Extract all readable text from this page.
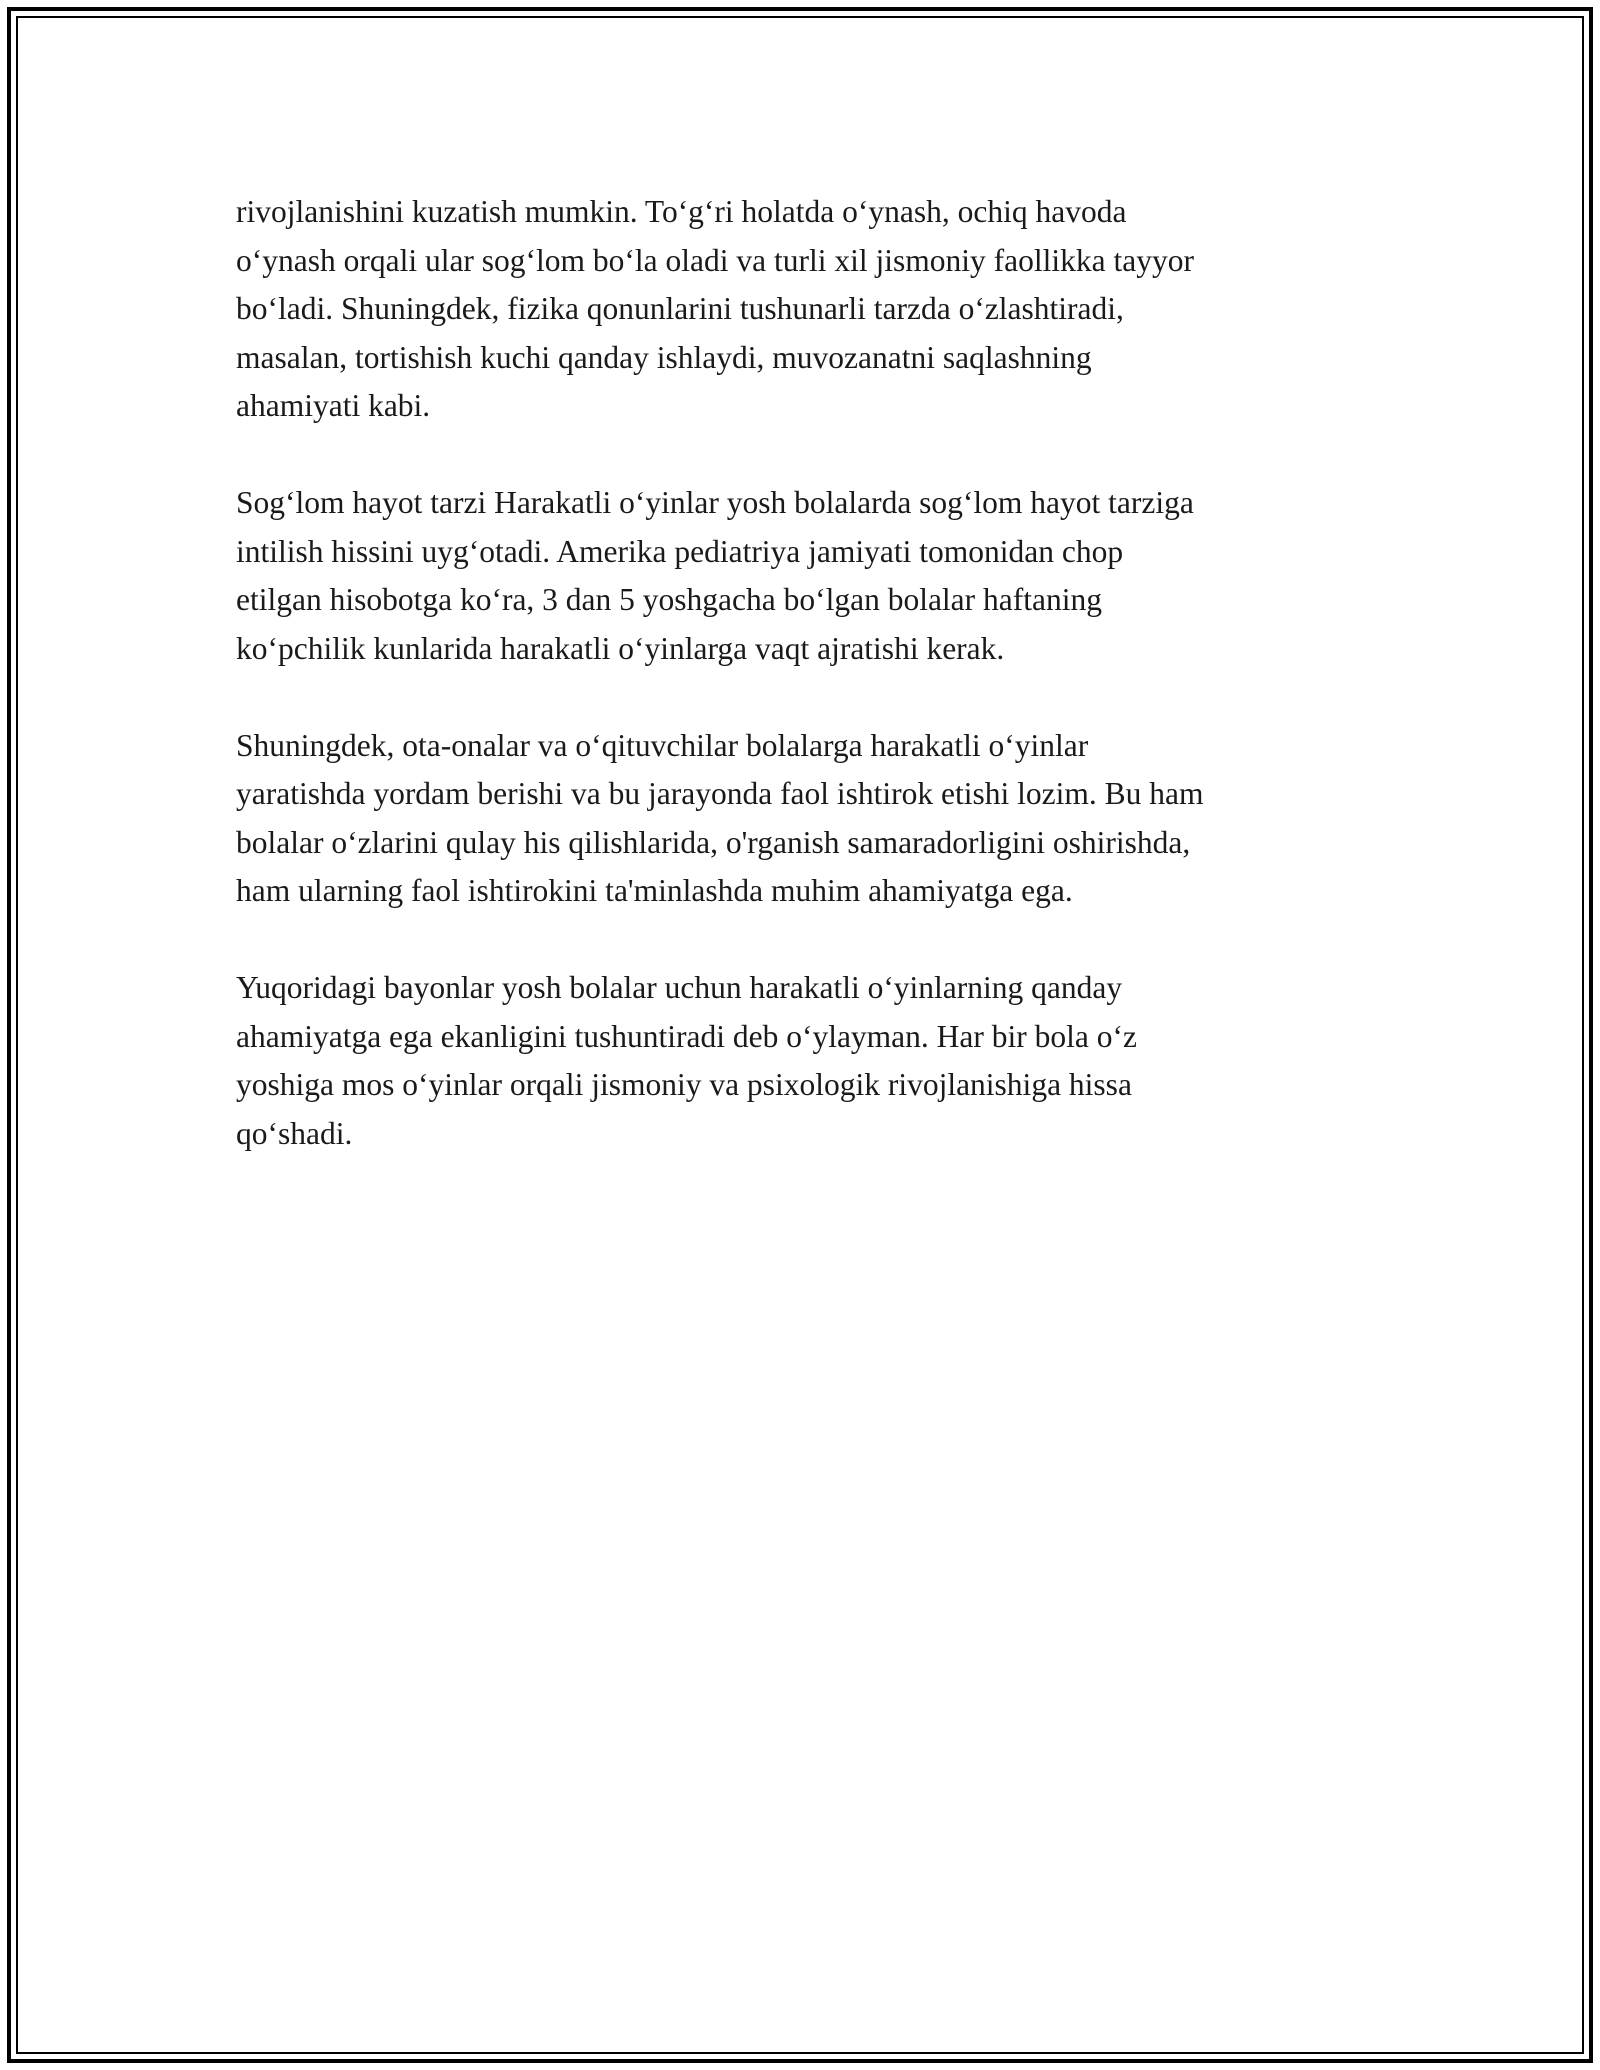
rivojlanishini kuzatish mumkin. To‘g‘ri holatda o‘ynash, ochiq havoda
o‘ynash orqali ular sog‘lom bo‘la oladi va turli xil jismoniy faollikka tayyor
bo‘ladi. Shuningdek, fizika qonunlarini tushunarli tarzda o‘zlashtiradi,
masalan, tortishish kuchi qanday ishlaydi, muvozanatni saqlashning
ahamiyati kabi.

Sog‘lom hayot tarzi Harakatli o‘yinlar yosh bolalarda sog‘lom hayot tarziga
intilish hissini uyg‘otadi. Amerika pediatriya jamiyati tomonidan chop
etilgan hisobotga ko‘ra, 3 dan 5 yoshgacha bo‘lgan bolalar haftaning
ko‘pchilik kunlarida harakatli o‘yinlarga vaqt ajratishi kerak.

Shuningdek, ota-onalar va o‘qituvchilar bolalarga harakatli o‘yinlar
yaratishda yordam berishi va bu jarayonda faol ishtirok etishi lozim. Bu ham
bolalar o‘zlarini qulay his qilishlarida, o'rganish samaradorligini oshirishda,
ham ularning faol ishtirokini ta'minlashda muhim ahamiyatga ega.

Yuqoridagi bayonlar yosh bolalar uchun harakatli o‘yinlarning qanday
ahamiyatga ega ekanligini tushuntiradi deb o‘ylayman. Har bir bola o‘z
yoshiga mos o‘yinlar orqali jismoniy va psixologik rivojlanishiga hissa
qo‘shadi.
